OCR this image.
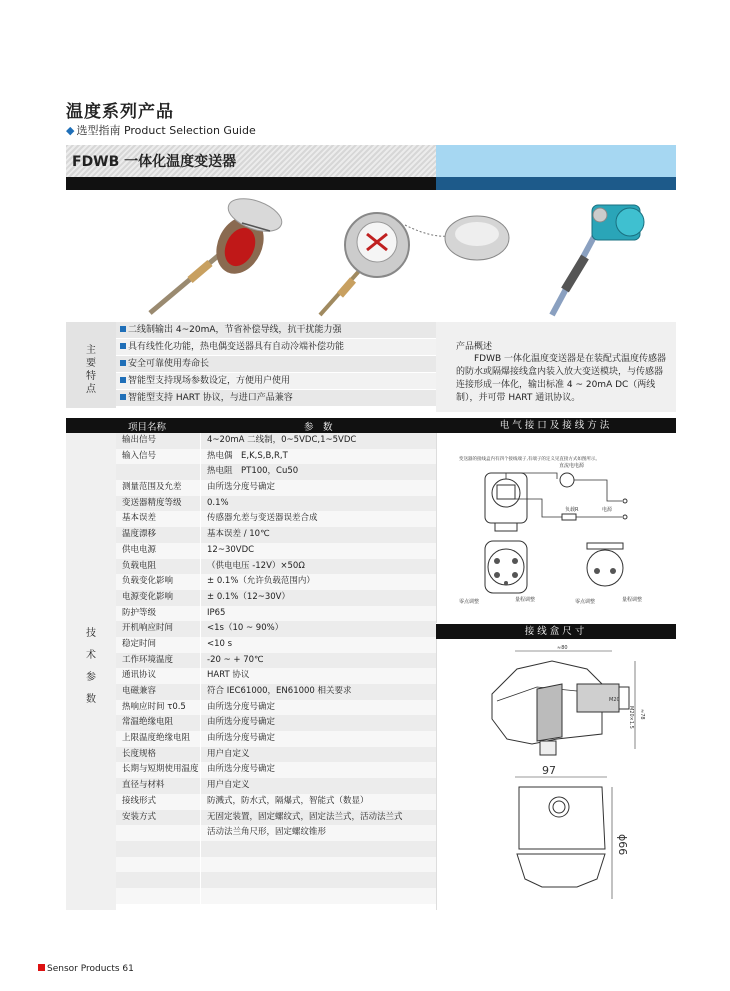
温度系列产品
◆ 选型指南 Product Selection Guide
FDWB 一体化温度变送器
主要特点
二线制输出 4~20mA，节省补偿导线，抗干扰能力强
具有线性化功能，热电偶变送器具有自动冷端补偿功能
安全可靠使用寿命长
智能型支持现场参数设定，方便用户使用
智能型支持 HART 协议，与进口产品兼容
产品概述
FDWB 一体化温度变送器是在装配式温度传感器的防水或隔爆接线盒内装入放大变送模块，与传感器连接形成一体化，输出标准 4 ~ 20mA DC（两线制），并可带 HART 通讯协议。
项目名称	参　数
技术参数
输出信号	4~20mA 二线制，0~5VDC,1~5VDC
输入信号	热电偶　E,K,S,B,R,T
热电阻　PT100，Cu50
测量范围及允差	由所选分度号确定
变送器精度等级	0.1%
基本误差	传感器允差与变送器误差合成
温度漂移	基本误差 / 10℃
供电电源	12~30VDC
负载电阻	（供电电压 -12V）×50Ω
负载变化影响	± 0.1%（允许负载范围内）
电源变化影响	± 0.1%（12~30V）
防护等级	IP65
开机响应时间	<1s（10 ~ 90%）
稳定时间	<10 s
工作环境温度	-20 ~ + 70℃
通讯协议	HART 协议
电磁兼容	符合 IEC61000，EN61000 相关要求
热响应时间 τ0.5	由所选分度号确定
常温绝缘电阻	由所选分度号确定
上限温度绝缘电阻	由所选分度号确定
长度规格	用户自定义
长期与短期使用温度 由所选分度号确定
直径与材料	用户自定义
接线形式	防溅式，防水式，隔爆式，智能式（数显）
安装方式	无固定装置，固定螺纹式，固定法兰式，活动法兰式
活动法兰角尺形，固定螺纹锥形
电气接口及接线方法
变送器的接线盒内有四个接线端子,有端子的定义见直接方式如图所示。
直流电电源
负载R	电源
零点调整	量程调整	零点调整	量程调整
接线盒尺寸
≈80
M20×1.5 ≈78
M20
97
ϕ66
Sensor Products 61
